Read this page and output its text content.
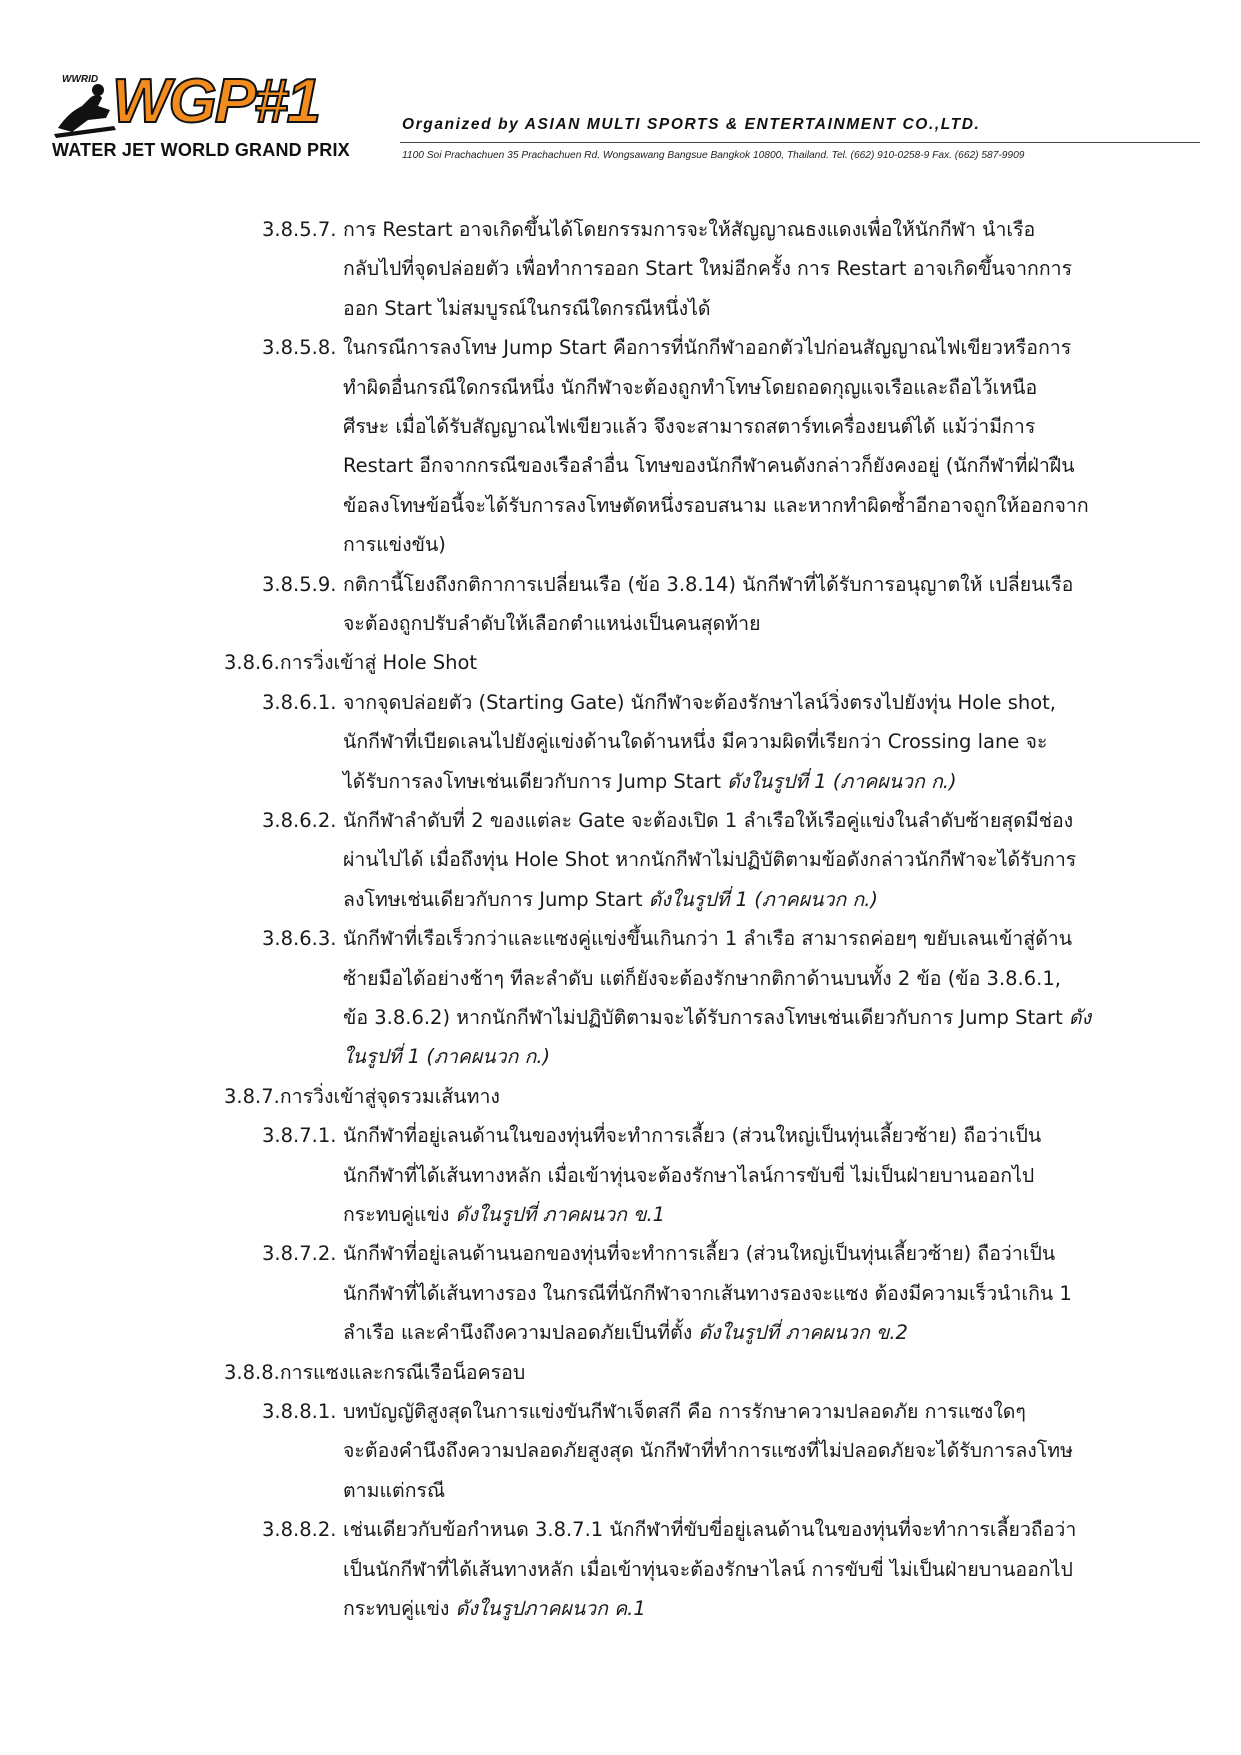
WWRID WGP#1
WATER JET WORLD GRAND PRIX
Organized by ASIAN MULTI SPORTS & ENTERTAINMENT CO.,LTD.
1100 Soi Prachachuen 35 Prachachuen Rd. Wongsawang Bangsue Bangkok 10800, Thailand. Tel. (662) 910-0258-9 Fax. (662) 587-9909
3.8.5.7. การ Restart อาจเกิดขึ้นได้โดยกรรมการจะให้สัญญาณธงแดงเพื่อให้นักกีฬา นำเรือ
กลับไปที่จุดปล่อยตัว เพื่อทำการออก Start ใหม่อีกครั้ง การ Restart อาจเกิดขึ้นจากการ
ออก Start ไม่สมบูรณ์ในกรณีใดกรณีหนึ่งได้
3.8.5.8. ในกรณีการลงโทษ Jump Start คือการที่นักกีฬาออกตัวไปก่อนสัญญาณไฟเขียวหรือการ
ทำผิดอื่นกรณีใดกรณีหนึ่ง นักกีฬาจะต้องถูกทำโทษโดยถอดกุญแจเรือและถือไว้เหนือ
ศีรษะ เมื่อได้รับสัญญาณไฟเขียวแล้ว จึงจะสามารถสตาร์ทเครื่องยนต์ได้ แม้ว่ามีการ
Restart อีกจากกรณีของเรือลำอื่น โทษของนักกีฬาคนดังกล่าวก็ยังคงอยู่ (นักกีฬาที่ฝ่าฝืน
ข้อลงโทษข้อนี้จะได้รับการลงโทษตัดหนึ่งรอบสนาม และหากทำผิดซ้ำอีกอาจถูกให้ออกจาก
การแข่งขัน)
3.8.5.9. กติกานี้โยงถึงกติกาการเปลี่ยนเรือ (ข้อ 3.8.14) นักกีฬาที่ได้รับการอนุญาตให้ เปลี่ยนเรือ
จะต้องถูกปรับลำดับให้เลือกตำแหน่งเป็นคนสุดท้าย
3.8.6.การวิ่งเข้าสู่ Hole Shot
3.8.6.1. จากจุดปล่อยตัว (Starting Gate) นักกีฬาจะต้องรักษาไลน์วิ่งตรงไปยังทุ่น Hole shot,
นักกีฬาที่เบียดเลนไปยังคู่แข่งด้านใดด้านหนึ่ง มีความผิดที่เรียกว่า Crossing lane จะ
ได้รับการลงโทษเช่นเดียวกับการ Jump Start ดังในรูปที่ 1 (ภาคผนวก ก.)
3.8.6.2. นักกีฬาลำดับที่ 2 ของแต่ละ Gate จะต้องเปิด 1 ลำเรือให้เรือคู่แข่งในลำดับซ้ายสุดมีช่อง
ผ่านไปได้ เมื่อถึงทุ่น Hole Shot หากนักกีฬาไม่ปฏิบัติตามข้อดังกล่าวนักกีฬาจะได้รับการ
ลงโทษเช่นเดียวกับการ Jump Start ดังในรูปที่ 1 (ภาคผนวก ก.)
3.8.6.3. นักกีฬาที่เรือเร็วกว่าและแซงคู่แข่งขึ้นเกินกว่า 1 ลำเรือ สามารถค่อยๆ ขยับเลนเข้าสู่ด้าน
ซ้ายมือได้อย่างช้าๆ ทีละลำดับ แต่ก็ยังจะต้องรักษากติกาด้านบนทั้ง 2 ข้อ (ข้อ 3.8.6.1,
ข้อ 3.8.6.2) หากนักกีฬาไม่ปฏิบัติตามจะได้รับการลงโทษเช่นเดียวกับการ Jump Start ดัง
ในรูปที่ 1 (ภาคผนวก ก.)
3.8.7.การวิ่งเข้าสู่จุดรวมเส้นทาง
3.8.7.1. นักกีฬาที่อยู่เลนด้านในของทุ่นที่จะทำการเลี้ยว (ส่วนใหญ่เป็นทุ่นเลี้ยวซ้าย) ถือว่าเป็น
นักกีฬาที่ได้เส้นทางหลัก เมื่อเข้าทุ่นจะต้องรักษาไลน์การขับขี่ ไม่เป็นฝ่ายบานออกไป
กระทบคู่แข่ง ดังในรูปที่ ภาคผนวก ข.1
3.8.7.2. นักกีฬาที่อยู่เลนด้านนอกของทุ่นที่จะทำการเลี้ยว (ส่วนใหญ่เป็นทุ่นเลี้ยวซ้าย) ถือว่าเป็น
นักกีฬาที่ได้เส้นทางรอง ในกรณีที่นักกีฬาจากเส้นทางรองจะแซง ต้องมีความเร็วนำเกิน 1
ลำเรือ และคำนึงถึงความปลอดภัยเป็นที่ตั้ง ดังในรูปที่ ภาคผนวก ข.2
3.8.8.การแซงและกรณีเรือน็อครอบ
3.8.8.1. บทบัญญัติสูงสุดในการแข่งขันกีฬาเจ็ตสกี คือ การรักษาความปลอดภัย การแซงใดๆ
จะต้องคำนึงถึงความปลอดภัยสูงสุด นักกีฬาที่ทำการแซงที่ไม่ปลอดภัยจะได้รับการลงโทษ
ตามแต่กรณี
3.8.8.2. เช่นเดียวกับข้อกำหนด 3.8.7.1 นักกีฬาที่ขับขี่อยู่เลนด้านในของทุ่นที่จะทำการเลี้ยวถือว่า
เป็นนักกีฬาที่ได้เส้นทางหลัก เมื่อเข้าทุ่นจะต้องรักษาไลน์ การขับขี่ ไม่เป็นฝ่ายบานออกไป
กระทบคู่แข่ง ดังในรูปภาคผนวก ค.1
